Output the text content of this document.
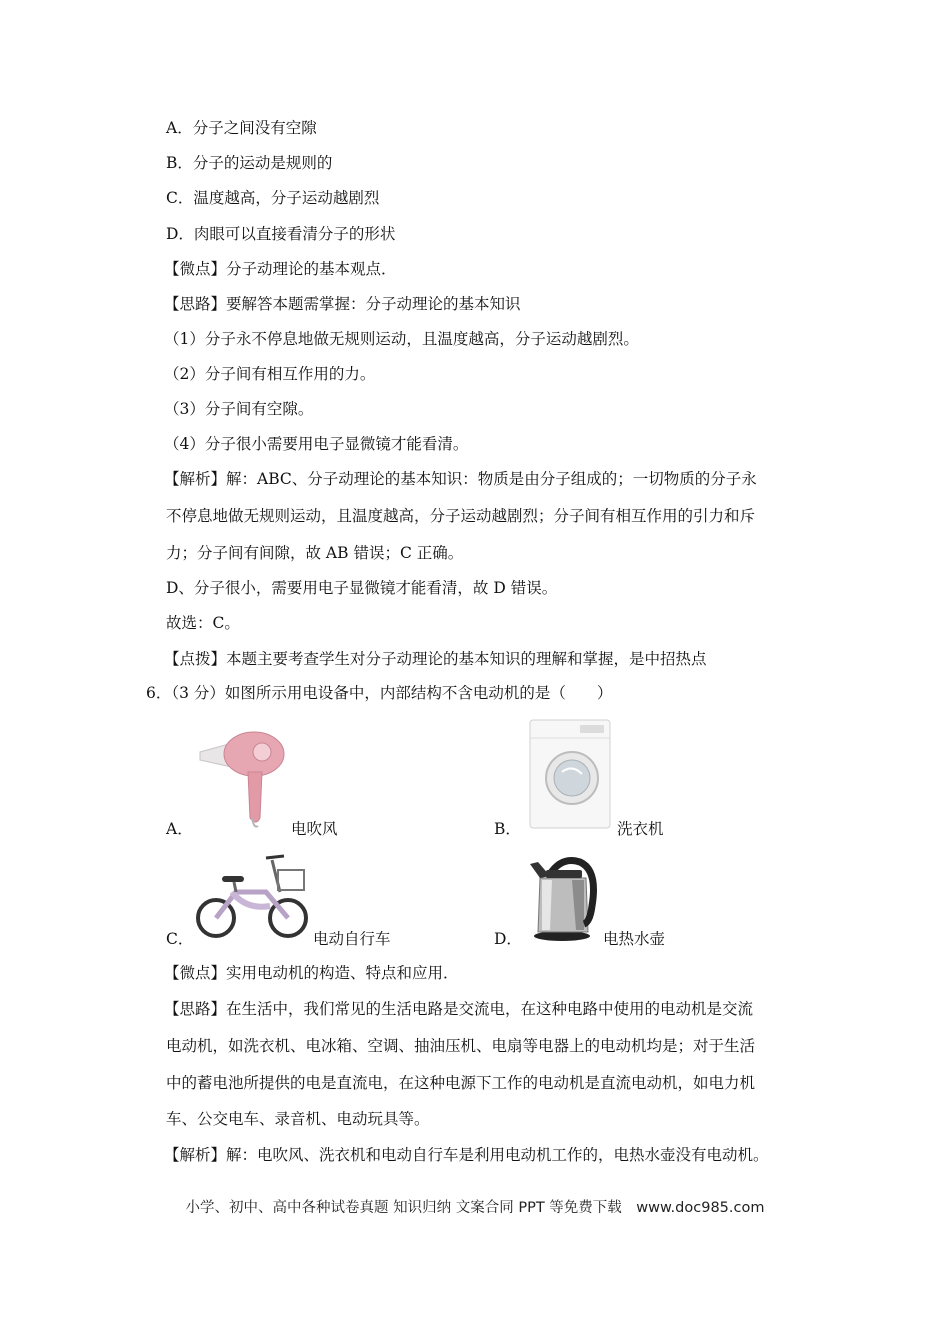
A．分子之间没有空隙
B．分子的运动是规则的
C．温度越高，分子运动越剧烈
D．肉眼可以直接看清分子的形状
【微点】分子动理论的基本观点．
【思路】要解答本题需掌握：分子动理论的基本知识
（1）分子永不停息地做无规则运动，且温度越高，分子运动越剧烈。
（2）分子间有相互作用的力。
（3）分子间有空隙。
（4）分子很小需要用电子显微镜才能看清。
【解析】解：ABC、分子动理论的基本知识：物质是由分子组成的；一切物质的分子永
不停息地做无规则运动，且温度越高，分子运动越剧烈；分子间有相互作用的引力和斥
力；分子间有间隙，故 AB 错误；C 正确。
D、分子很小，需要用电子显微镜才能看清，故 D 错误。
故选：C。
【点拨】本题主要考查学生对分子动理论的基本知识的理解和掌握，是中招热点
6．（3 分）如图所示用电设备中，内部结构不含电动机的是（　　）
A．	电吹风	B．	洗衣机
C．	电动自行车	D．	电热水壶
【微点】实用电动机的构造、特点和应用．
【思路】在生活中，我们常见的生活电路是交流电，在这种电路中使用的电动机是交流
电动机，如洗衣机、电冰箱、空调、抽油压机、电扇等电器上的电动机均是；对于生活
中的蓄电池所提供的电是直流电，在这种电源下工作的电动机是直流电动机，如电力机
车、公交电车、录音机、电动玩具等。
【解析】解：电吹风、洗衣机和电动自行车是利用电动机工作的，电热水壶没有电动机。
小学、初中、高中各种试卷真题 知识归纳 文案合同 PPT 等免费下载　www.doc985.com
